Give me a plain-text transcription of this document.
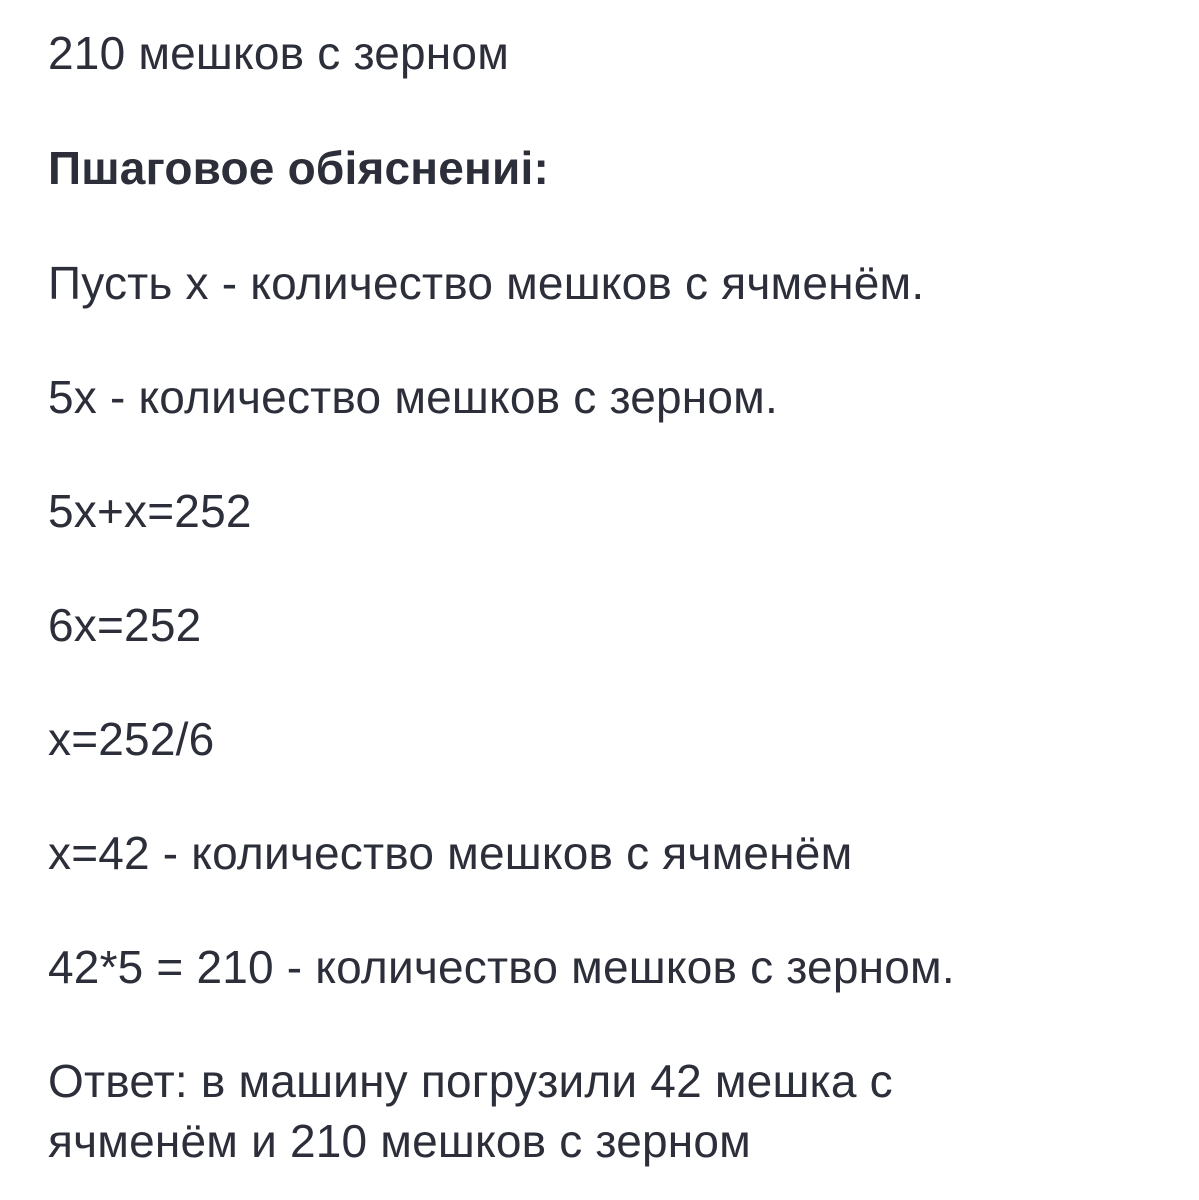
210 мешков с зерном
Пшаговое обiяснениi:
Пусть х - количество мешков с ячменём.
5х - количество мешков с зерном.
5х+х=252
6х=252
х=252/6
х=42 - количество мешков с ячменём
42*5 = 210 - количество мешков с зерном.
Ответ: в машину погрузили 42 мешка с
ячменём и 210 мешков с зерном
